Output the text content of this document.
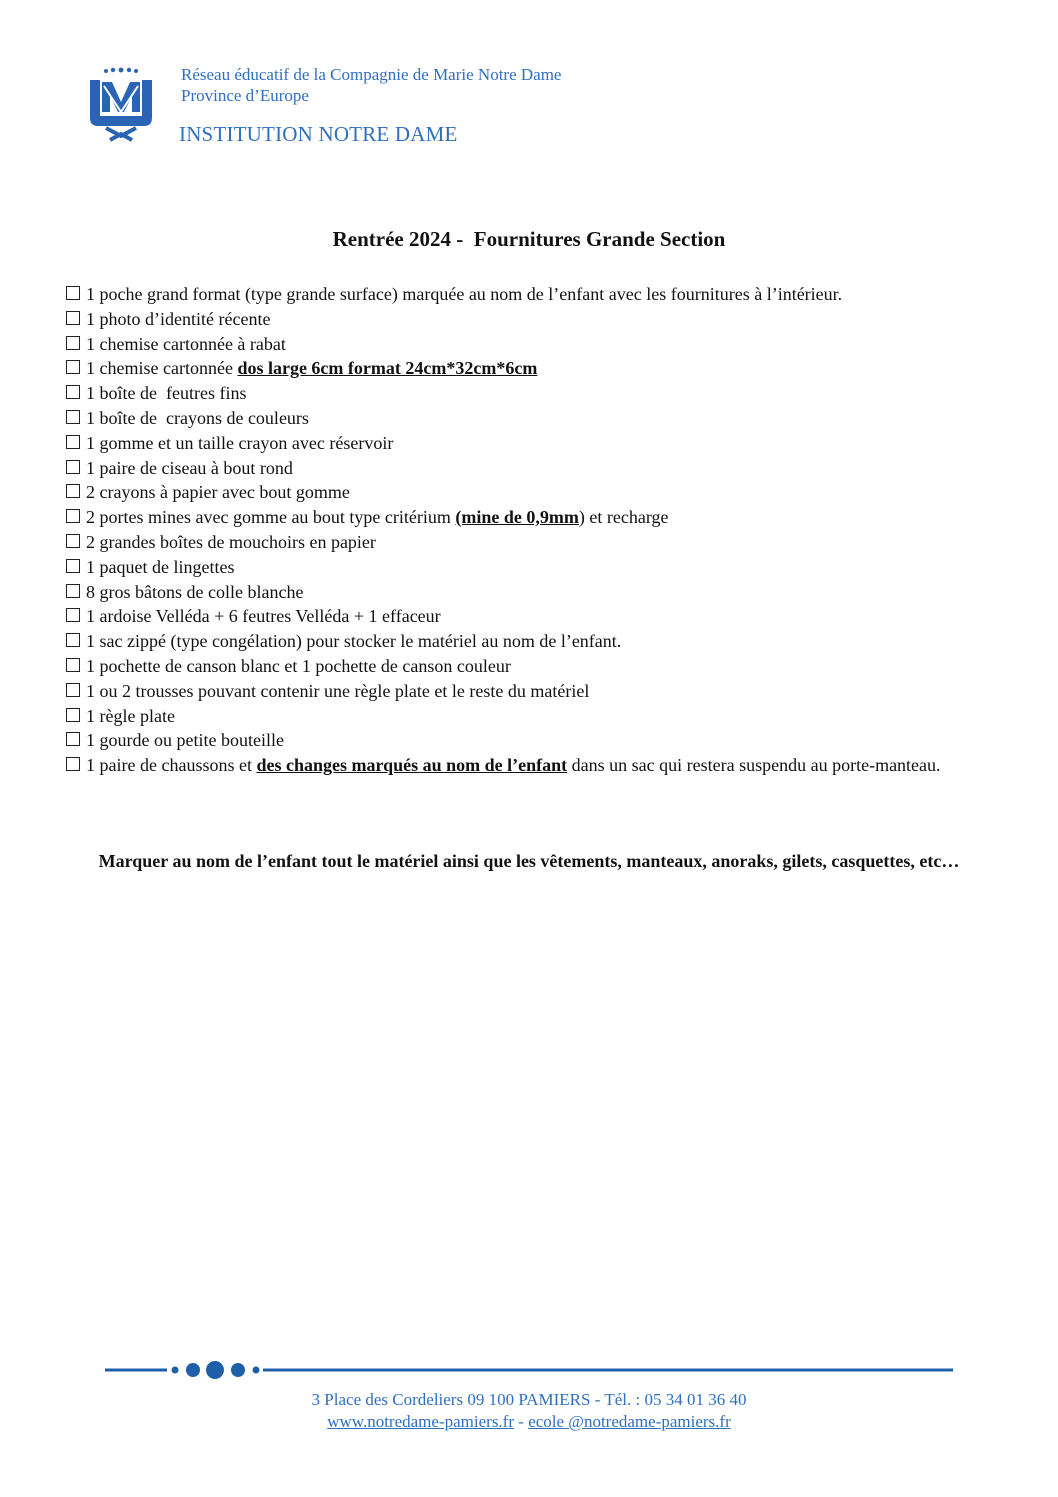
Réseau éducatif de la Compagnie de Marie Notre Dame
Province d’Europe
INSTITUTION NOTRE DAME
Rentrée 2024 -  Fournitures Grande Section
1 poche grand format (type grande surface) marquée au nom de l’enfant avec les fournitures à l’intérieur.
1 photo d’identité récente
1 chemise cartonnée à rabat
1 chemise cartonnée dos large 6cm format 24cm*32cm*6cm
1 boîte de  feutres fins
1 boîte de  crayons de couleurs
1 gomme et un taille crayon avec réservoir
1 paire de ciseau à bout rond
2 crayons à papier avec bout gomme
2 portes mines avec gomme au bout type critérium (mine de 0,9mm) et recharge
2 grandes boîtes de mouchoirs en papier
1 paquet de lingettes
8 gros bâtons de colle blanche
1 ardoise Velléda + 6 feutres Velléda + 1 effaceur
1 sac zippé (type congélation) pour stocker le matériel au nom de l’enfant.
1 pochette de canson blanc et 1 pochette de canson couleur
1 ou 2 trousses pouvant contenir une règle plate et le reste du matériel
1 règle plate
1 gourde ou petite bouteille
1 paire de chaussons et des changes marqués au nom de l’enfant dans un sac qui restera suspendu au porte-manteau.
Marquer au nom de l’enfant tout le matériel ainsi que les vêtements, manteaux, anoraks, gilets, casquettes, etc…
3 Place des Cordeliers 09 100 PAMIERS - Tél. : 05 34 01 36 40
www.notredame-pamiers.fr - ecole @notredame-pamiers.fr
